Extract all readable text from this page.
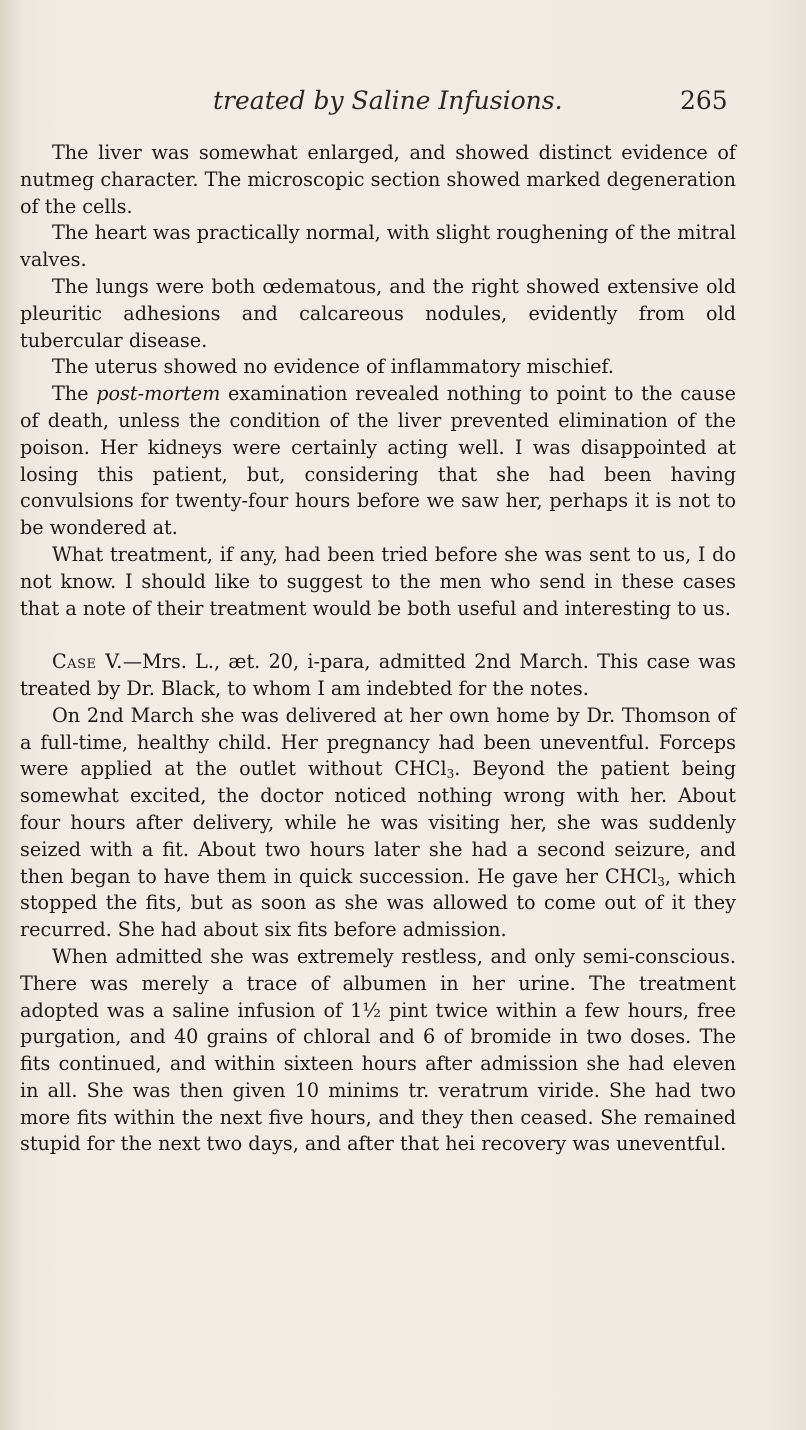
treated by Saline Infusions.	265

The liver was somewhat enlarged, and showed distinct evidence of nutmeg character. The microscopic section showed marked degeneration of the cells.

The heart was practically normal, with slight roughening of the mitral valves.

The lungs were both œdematous, and the right showed extensive old pleuritic adhesions and calcareous nodules, evidently from old tubercular disease.

The uterus showed no evidence of inflammatory mischief.

The post-mortem examination revealed nothing to point to the cause of death, unless the condition of the liver prevented elimination of the poison. Her kidneys were certainly acting well. I was disappointed at losing this patient, but, considering that she had been having convulsions for twenty-four hours before we saw her, perhaps it is not to be wondered at.

What treatment, if any, had been tried before she was sent to us, I do not know. I should like to suggest to the men who send in these cases that a note of their treatment would be both useful and interesting to us.

Case V.—Mrs. L., æt. 20, i-para, admitted 2nd March. This case was treated by Dr. Black, to whom I am indebted for the notes.

On 2nd March she was delivered at her own home by Dr. Thomson of a full-time, healthy child. Her pregnancy had been uneventful. Forceps were applied at the outlet without CHCl$_3$. Beyond the patient being somewhat excited, the doctor noticed nothing wrong with her. About four hours after delivery, while he was visiting her, she was suddenly seized with a fit. About two hours later she had a second seizure, and then began to have them in quick succession. He gave her CHCl$_3$, which stopped the fits, but as soon as she was allowed to come out of it they recurred. She had about six fits before admission.

When admitted she was extremely restless, and only semi-conscious. There was merely a trace of albumen in her urine. The treatment adopted was a saline infusion of 1½ pint twice within a few hours, free purgation, and 40 grains of chloral and 6 of bromide in two doses. The fits continued, and within sixteen hours after admission she had eleven in all. She was then given 10 minims tr. veratrum viride. She had two more fits within the next five hours, and they then ceased. She remained stupid for the next two days, and after that hei recovery was uneventful.
